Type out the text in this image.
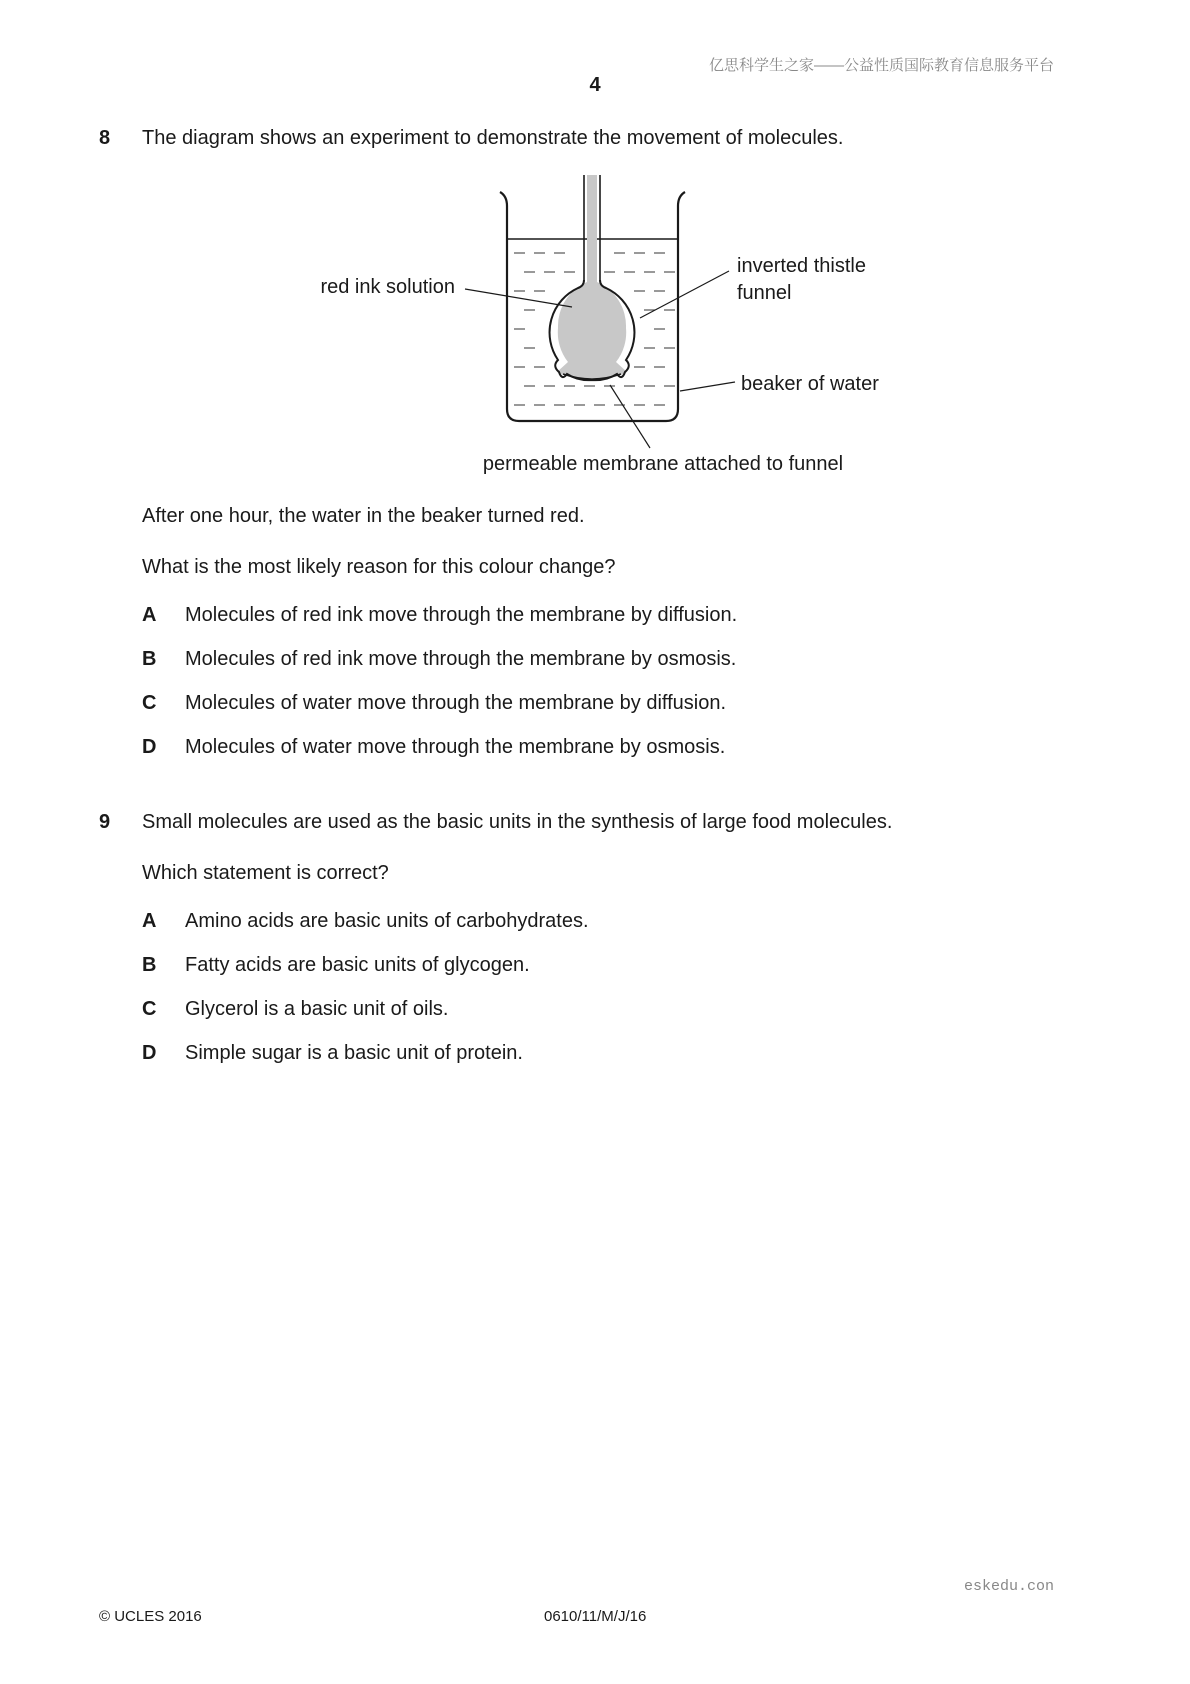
亿思科学生之家——公益性质国际教育信息服务平台
4
8 The diagram shows an experiment to demonstrate the movement of molecules.
red ink solution
inverted thistle
funnel
beaker of water
permeable membrane attached to funnel
After one hour, the water in the beaker turned red.
What is the most likely reason for this colour change?
A Molecules of red ink move through the membrane by diffusion.
B Molecules of red ink move through the membrane by osmosis.
C Molecules of water move through the membrane by diffusion.
D Molecules of water move through the membrane by osmosis.
9 Small molecules are used as the basic units in the synthesis of large food molecules.
Which statement is correct?
A Amino acids are basic units of carbohydrates.
B Fatty acids are basic units of glycogen.
C Glycerol is a basic unit of oils.
D Simple sugar is a basic unit of protein.
eskedu.con
© UCLES 2016	0610/11/M/J/16
